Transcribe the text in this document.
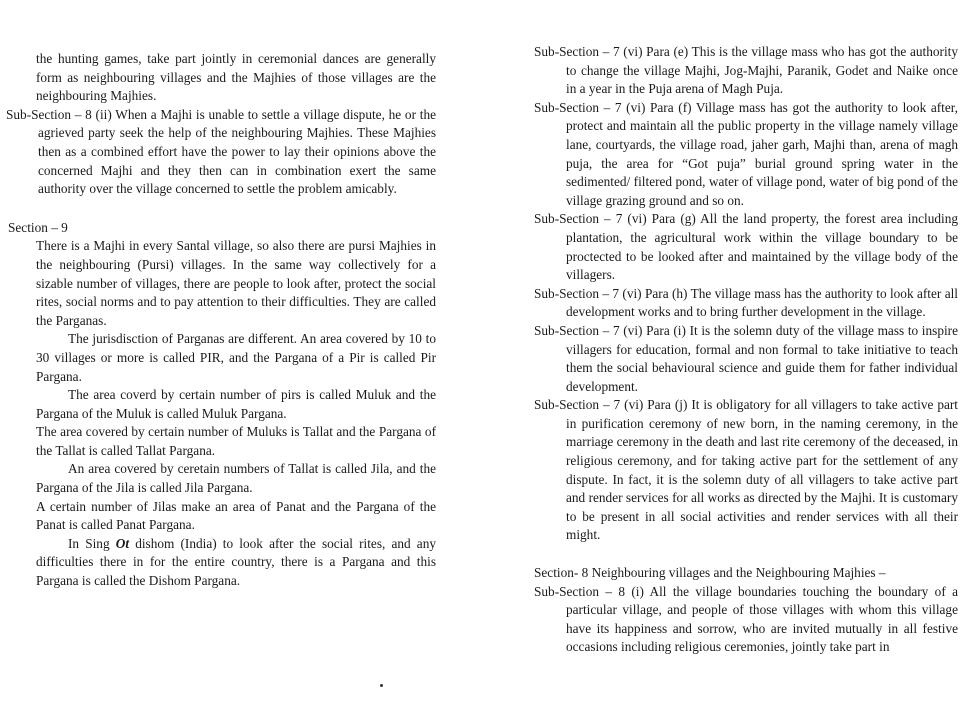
the hunting games, take part jointly in ceremonial dances are generally form as neighbouring villages and the Majhies of those villages are the neighbouring Majhies.

Sub-Section – 8 (ii) When a Majhi is unable to settle a village dispute, he or the agrieved party seek the help of the neighbouring Majhies. These Majhies then as a combined effort have the power to lay their opinions above the concerned Majhi and they then can in combination exert the same authority over the village concerned to settle the problem amicably.

Section – 9

There is a Majhi in every Santal village, so also there are pursi Majhies in the neighbouring (Pursi) villages. In the same way collectively for a sizable number of villages, there are people to look after, protect the social rites, social norms and to pay attention to their difficulties. They are called the Parganas.

The jurisdisction of Parganas are different. An area covered by 10 to 30 villages or more is called PIR, and the Pargana of a Pir is called Pir Pargana.

The area coverd by certain number of pirs is called Muluk and the Pargana of the Muluk is called Muluk Pargana.

The area covered by certain number of Muluks is Tallat and the Pargana of the Tallat is called Tallat Pargana.

An area covered by ceretain numbers of Tallat is called Jila, and the Pargana of the Jila is called Jila Pargana.

A certain number of Jilas make an area of Panat and the Pargana of the Panat is called Panat Pargana.

In Sing Ot dishom (India) to look after the social rites, and any difficulties there in for the entire country, there is a Pargana and this Pargana is called the Dishom Pargana.

Sub-Section – 7 (vi) Para (e) This is the village mass who has got the authority to change the village Majhi, Jog-Majhi, Paranik, Godet and Naike once in a year in the Puja arena of Magh Puja.

Sub-Section – 7 (vi) Para (f) Village mass has got the authority to look after, protect and maintain all the public property in the village namely village lane, courtyards, the village road, jaher garh, Majhi than, arena of magh puja, the area for “Got puja” burial ground spring water in the sedimented/ filtered pond, water of village pond, water of big pond of the village grazing ground and so on.

Sub-Section – 7 (vi) Para (g) All the land property, the forest area including plantation, the agricultural work within the village boundary to be proctected to be looked after and maintained by the village body of the villagers.

Sub-Section – 7 (vi) Para (h) The village mass has the authority to look after all development works and to bring further development in the village.

Sub-Section – 7 (vi) Para (i) It is the solemn duty of the village mass to inspire villagers for education, formal and non formal to take initiative to teach them the social behavioural science and guide them for father individual development.

Sub-Section – 7 (vi) Para (j) It is obligatory for all villagers to take active part in purification ceremony of new born, in the naming ceremony, in the marriage ceremony in the death and last rite ceremony of the deceased, in religious ceremony, and for taking active part for the settlement of any dispute. In fact, it is the solemn duty of all villagers to take active part and render services for all works as directed by the Majhi. It is customary to be present in all social activities and render services with all their might.

Section- 8 Neighbouring villages and the Neighbouring Majhies –

Sub-Section – 8 (i) All the village boundaries touching the boundary of a particular village, and people of those villages with whom this village have its happiness and sorrow, who are invited mutually in all festive occasions including religious ceremonies, jointly take part in
